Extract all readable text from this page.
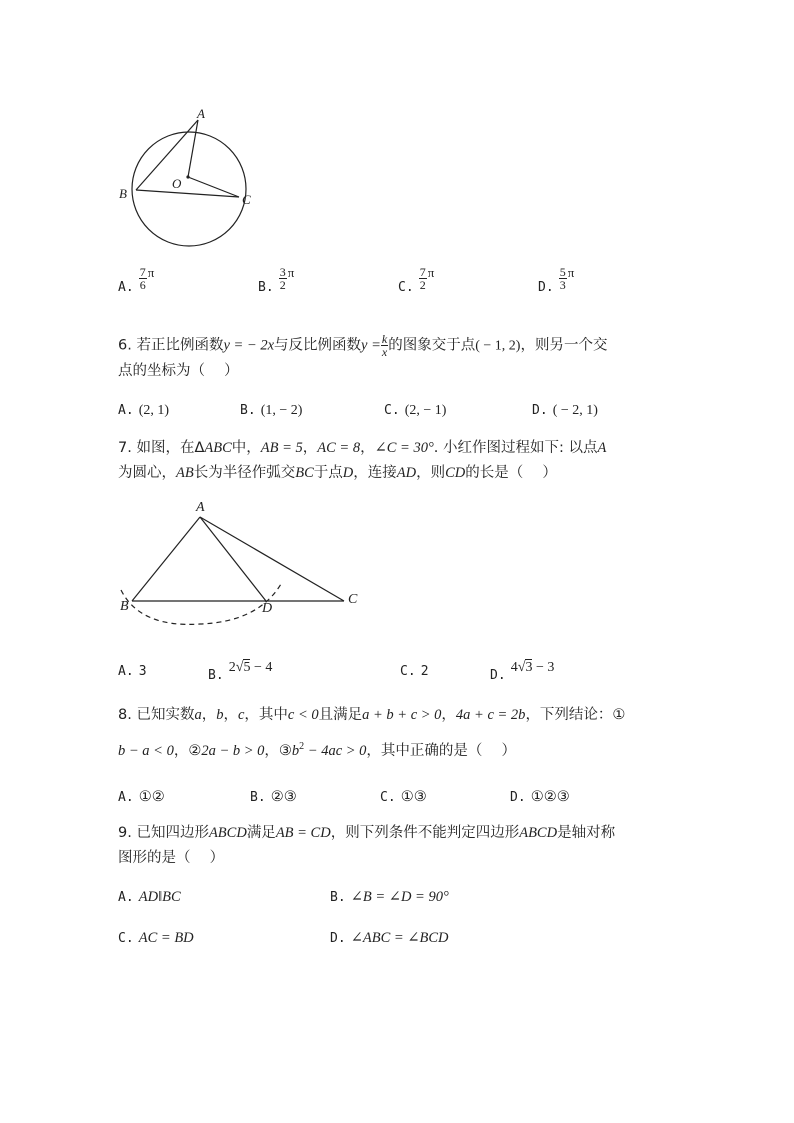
A
B	C
O
$_{A.} \frac{7}{6} ^\pi$
$_{B.} \frac{3}{2} ^\pi$
$_{C.} \frac{7}{2} ^\pi$
$_{D.} \frac{5}{3} ^\pi$
6. 若正比例函数y = − 2x与反比例函数$y = \frac{k}{x}$ 的图象交于点( − 1, 2)，则另一个交
点的坐标为（　 ）
A. (2, 1)	B. (1, − 2)	C. (2, − 1)	D. ( − 2, 1)
7. 如图，在ΔABC中，AB = 5，AC = 8，∠C = 30°. 小红作图过程如下: 以点A
为圆心，AB长为半径作弧交BC于点D，连接AD，则CD的长是（　 ）
A
B	C
D
A. 3	$_{B.}$ 2√5 − 4	C. 2	$_{D.}$ 4√3 − 3
8. 已知实数a，b，c，其中c < 0且满足a + b + c > 0，4a + c = 2b，下列结论：①
b − a < 0，②2a − b > 0，$③b^2 - 4ac > 0$，其中正确的是（　 ）
A. ①②	B. ②③	C. ①③	D. ①②③
9. 已知四边形ABCD满足AB = CD，则下列条件不能判定四边形ABCD是轴对称
图形的是（　 ）
A. AD‖BC	B. ∠B = ∠D = 90°
C. AC = BD	D. ∠ABC = ∠BCD
